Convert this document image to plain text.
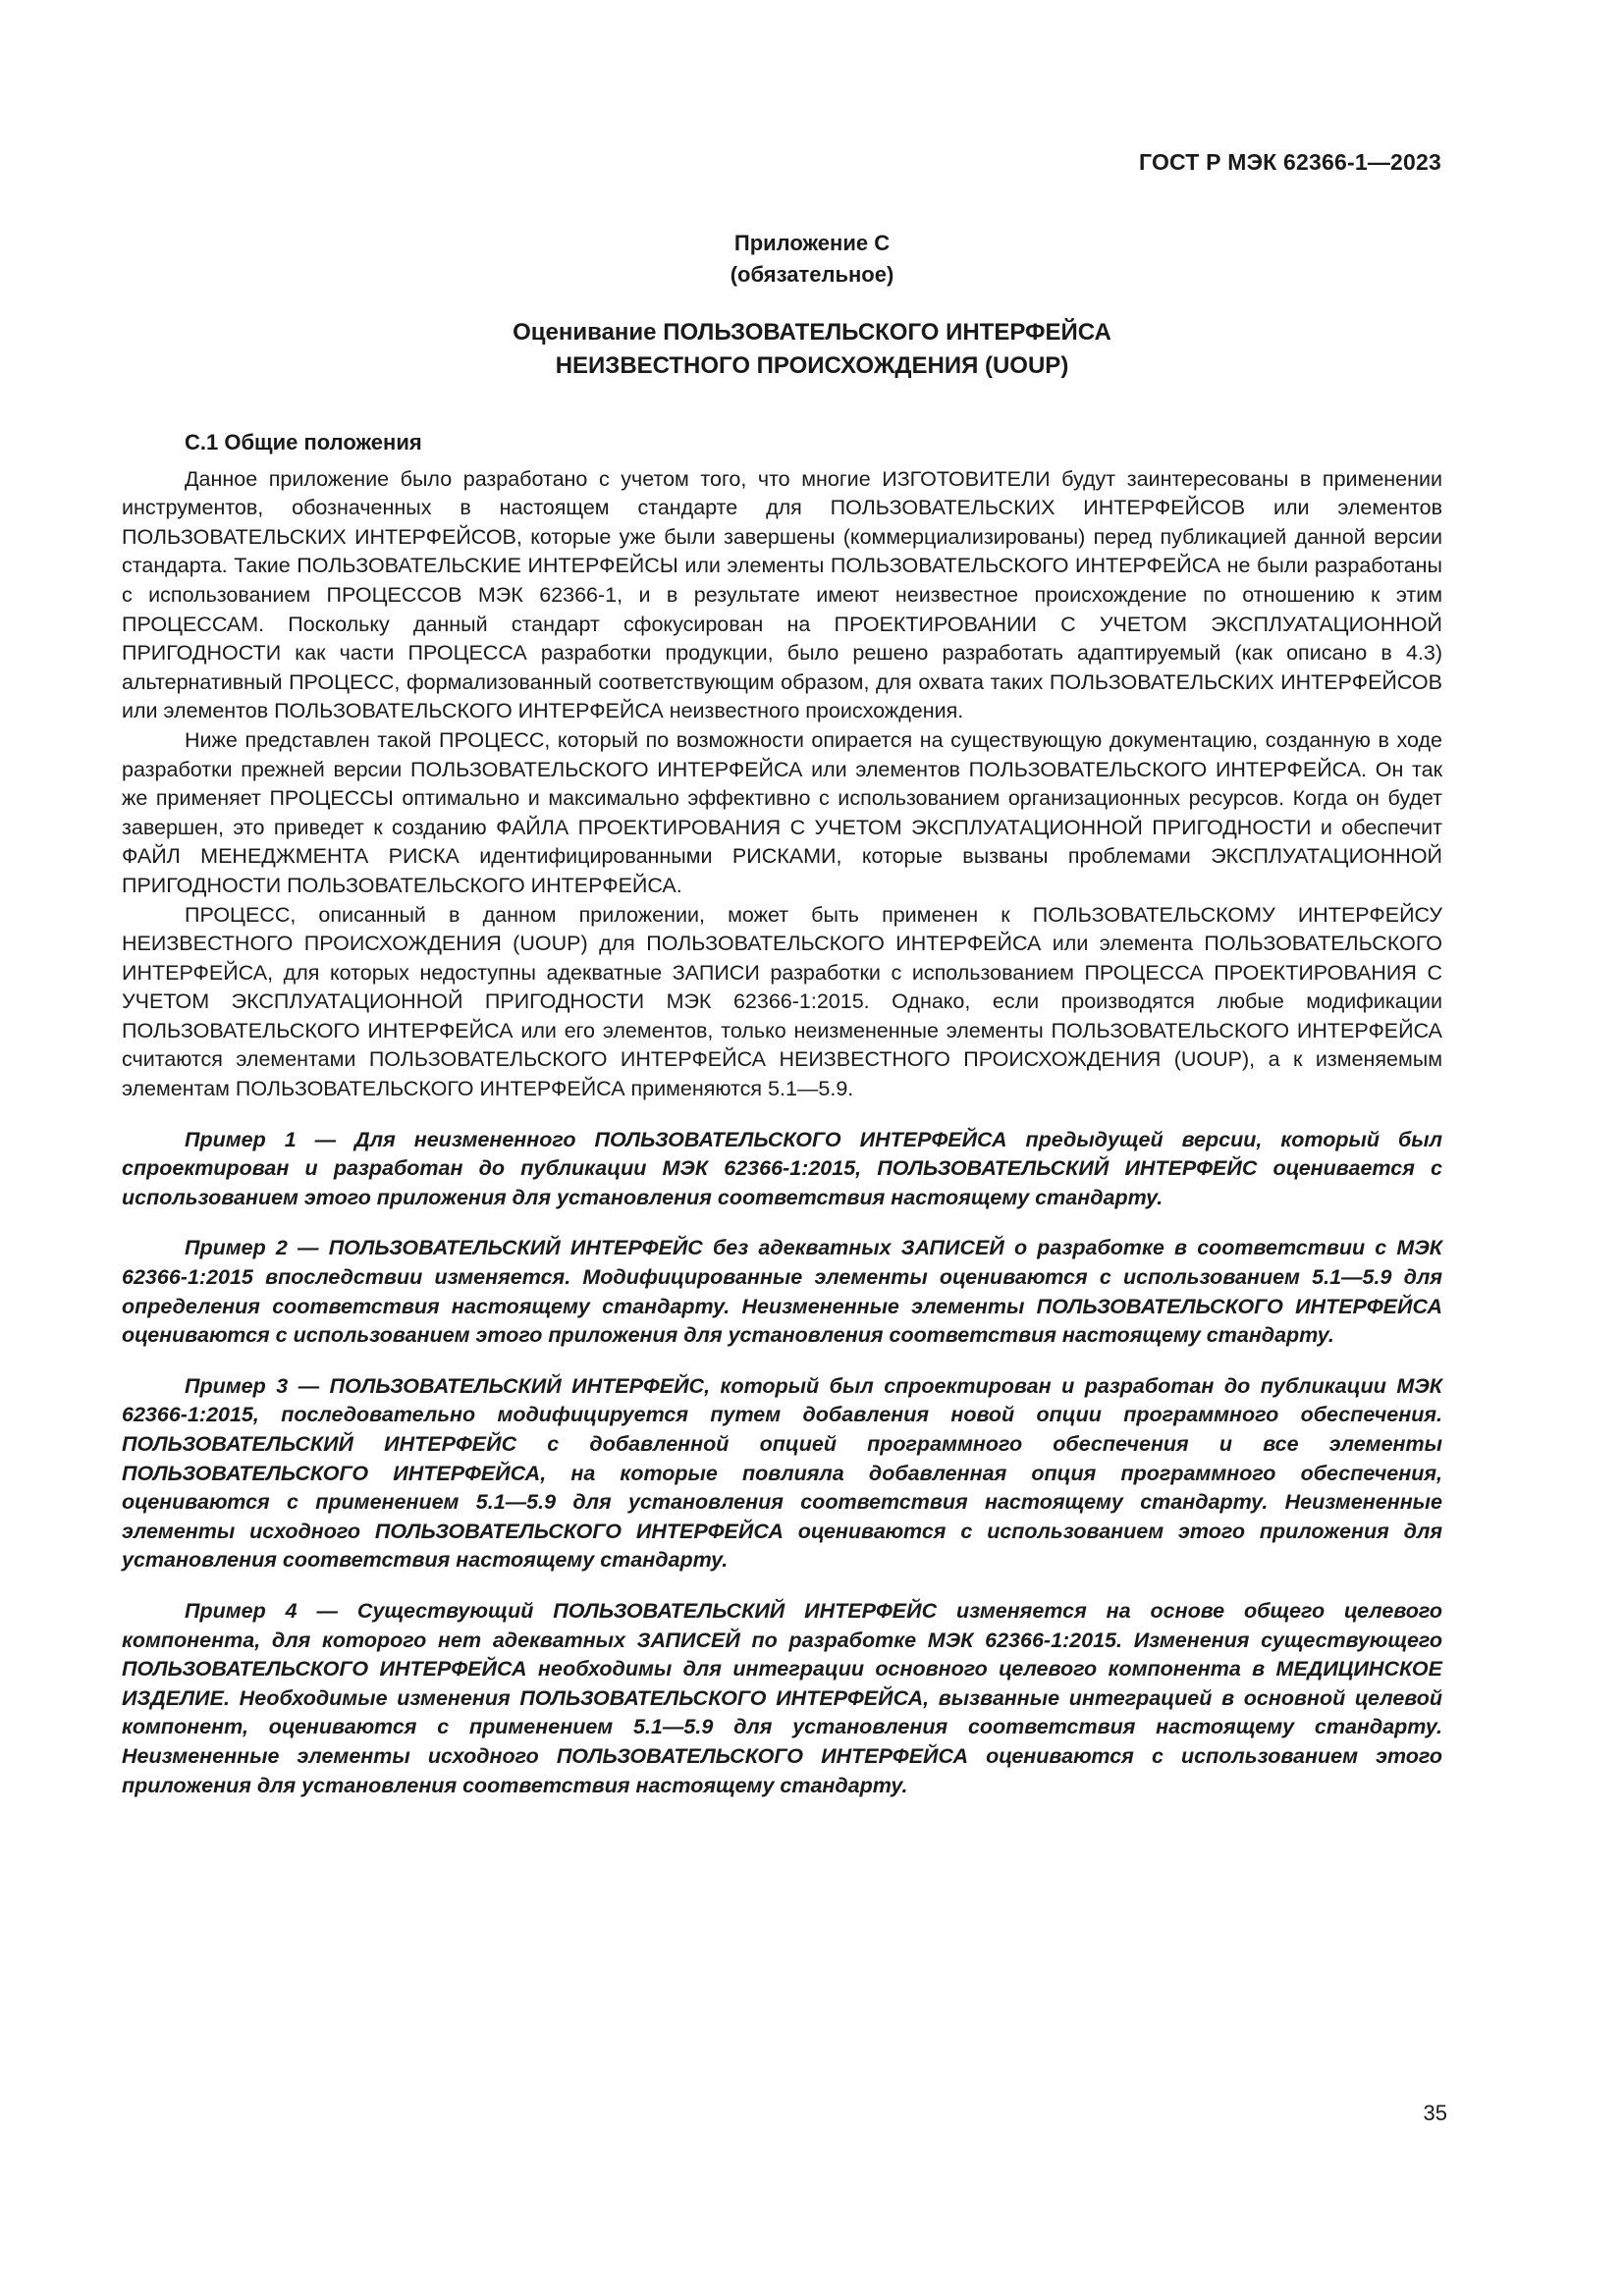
ГОСТ Р МЭК 62366-1—2023
Приложение С
(обязательное)
Оценивание ПОЛЬЗОВАТЕЛЬСКОГО ИНТЕРФЕЙСА
НЕИЗВЕСТНОГО ПРОИСХОЖДЕНИЯ (UOUP)
С.1 Общие положения

Данное приложение было разработано с учетом того, что многие ИЗГОТОВИТЕЛИ будут заинтересованы в применении инструментов, обозначенных в настоящем стандарте для ПОЛЬЗОВАТЕЛЬСКИХ ИНТЕРФЕЙСОВ или элементов ПОЛЬЗОВАТЕЛЬСКИХ ИНТЕРФЕЙСОВ, которые уже были завершены (коммерциализированы) перед публикацией данной версии стандарта. Такие ПОЛЬЗОВАТЕЛЬСКИЕ ИНТЕРФЕЙСЫ или элементы ПОЛЬЗОВАТЕЛЬСКОГО ИНТЕРФЕЙСА не были разработаны с использованием ПРОЦЕССОВ МЭК 62366-1, и в результате имеют неизвестное происхождение по отношению к этим ПРОЦЕССАМ. Поскольку данный стандарт сфокусирован на ПРОЕКТИРОВАНИИ С УЧЕТОМ ЭКСПЛУАТАЦИОННОЙ ПРИГОДНОСТИ как части ПРОЦЕССА разработки продукции, было решено разработать адаптируемый (как описано в 4.3) альтернативный ПРОЦЕСС, формализованный соответствующим образом, для охвата таких ПОЛЬЗОВАТЕЛЬСКИХ ИНТЕРФЕЙСОВ или элементов ПОЛЬЗОВАТЕЛЬСКОГО ИНТЕРФЕЙСА неизвестного происхождения.

Ниже представлен такой ПРОЦЕСС, который по возможности опирается на существующую документацию, созданную в ходе разработки прежней версии ПОЛЬЗОВАТЕЛЬСКОГО ИНТЕРФЕЙСА или элементов ПОЛЬЗОВАТЕЛЬСКОГО ИНТЕРФЕЙСА. Он так же применяет ПРОЦЕССЫ оптимально и максимально эффективно с использованием организационных ресурсов. Когда он будет завершен, это приведет к созданию ФАЙЛА ПРОЕКТИРОВАНИЯ С УЧЕТОМ ЭКСПЛУАТАЦИОННОЙ ПРИГОДНОСТИ и обеспечит ФАЙЛ МЕНЕДЖМЕНТА РИСКА идентифицированными РИСКАМИ, которые вызваны проблемами ЭКСПЛУАТАЦИОННОЙ ПРИГОДНОСТИ ПОЛЬЗОВАТЕЛЬСКОГО ИНТЕРФЕЙСА.

ПРОЦЕСС, описанный в данном приложении, может быть применен к ПОЛЬЗОВАТЕЛЬСКОМУ ИНТЕРФЕЙСУ НЕИЗВЕСТНОГО ПРОИСХОЖДЕНИЯ (UOUP) для ПОЛЬЗОВАТЕЛЬСКОГО ИНТЕРФЕЙСА или элемента ПОЛЬЗОВАТЕЛЬСКОГО ИНТЕРФЕЙСА, для которых недоступны адекватные ЗАПИСИ разработки с использованием ПРОЦЕССА ПРОЕКТИРОВАНИЯ С УЧЕТОМ ЭКСПЛУАТАЦИОННОЙ ПРИГОДНОСТИ МЭК 62366-1:2015. Однако, если производятся любые модификации ПОЛЬЗОВАТЕЛЬСКОГО ИНТЕРФЕЙСА или его элементов, только неизмененные элементы ПОЛЬЗОВАТЕЛЬСКОГО ИНТЕРФЕЙСА считаются элементами ПОЛЬЗОВАТЕЛЬСКОГО ИНТЕРФЕЙСА НЕИЗВЕСТНОГО ПРОИСХОЖДЕНИЯ (UOUP), а к изменяемым элементам ПОЛЬЗОВАТЕЛЬСКОГО ИНТЕРФЕЙСА применяются 5.1—5.9.

Пример 1 — Для неизмененного ПОЛЬЗОВАТЕЛЬСКОГО ИНТЕРФЕЙСА предыдущей версии, который был спроектирован и разработан до публикации МЭК 62366-1:2015, ПОЛЬЗОВАТЕЛЬСКИЙ ИНТЕРФЕЙС оценивается с использованием этого приложения для установления соответствия настоящему стандарту.

Пример 2 — ПОЛЬЗОВАТЕЛЬСКИЙ ИНТЕРФЕЙС без адекватных ЗАПИСЕЙ о разработке в соответствии с МЭК 62366-1:2015 впоследствии изменяется. Модифицированные элементы оцениваются с использованием 5.1—5.9 для определения соответствия настоящему стандарту. Неизмененные элементы ПОЛЬЗОВАТЕЛЬСКОГО ИНТЕРФЕЙСА оцениваются с использованием этого приложения для установления соответствия настоящему стандарту.

Пример 3 — ПОЛЬЗОВАТЕЛЬСКИЙ ИНТЕРФЕЙС, который был спроектирован и разработан до публикации МЭК 62366-1:2015, последовательно модифицируется путем добавления новой опции программного обеспечения. ПОЛЬЗОВАТЕЛЬСКИЙ ИНТЕРФЕЙС с добавленной опцией программного обеспечения и все элементы ПОЛЬЗОВАТЕЛЬСКОГО ИНТЕРФЕЙСА, на которые повлияла добавленная опция программного обеспечения, оцениваются с применением 5.1—5.9 для установления соответствия настоящему стандарту. Неизмененные элементы исходного ПОЛЬЗОВАТЕЛЬСКОГО ИНТЕРФЕЙСА оцениваются с использованием этого приложения для установления соответствия настоящему стандарту.

Пример 4 — Существующий ПОЛЬЗОВАТЕЛЬСКИЙ ИНТЕРФЕЙС изменяется на основе общего целевого компонента, для которого нет адекватных ЗАПИСЕЙ по разработке МЭК 62366-1:2015. Изменения существующего ПОЛЬЗОВАТЕЛЬСКОГО ИНТЕРФЕЙСА необходимы для интеграции основного целевого компонента в МЕДИЦИНСКОЕ ИЗДЕЛИЕ. Необходимые изменения ПОЛЬЗОВАТЕЛЬСКОГО ИНТЕРФЕЙСА, вызванные интеграцией в основной целевой компонент, оцениваются с применением 5.1—5.9 для установления соответствия настоящему стандарту. Неизмененные элементы исходного ПОЛЬЗОВАТЕЛЬСКОГО ИНТЕРФЕЙСА оцениваются с использованием этого приложения для установления соответствия настоящему стандарту.

35
